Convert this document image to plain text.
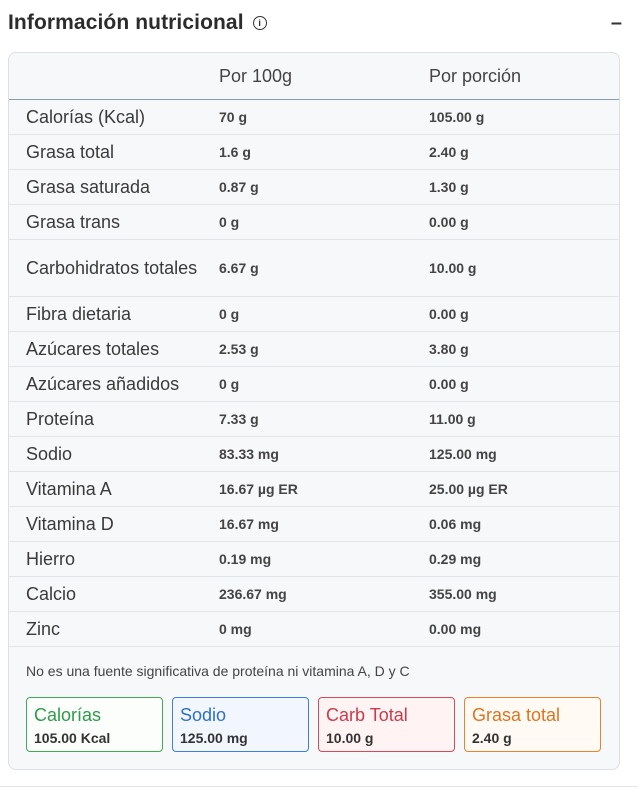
Información nutricional	i	–
	Por 100g	Por porción
Calorías (Kcal)	70 g	105.00 g
Grasa total	1.6 g	2.40 g
Grasa saturada	0.87 g	1.30 g
Grasa trans	0 g	0.00 g
Carbohidratos totales	6.67 g	10.00 g
Fibra dietaria	0 g	0.00 g
Azúcares totales	2.53 g	3.80 g
Azúcares añadidos	0 g	0.00 g
Proteína	7.33 g	11.00 g
Sodio	83.33 mg	125.00 mg
Vitamina A	16.67 µg ER	25.00 µg ER
Vitamina D	16.67 mg	0.06 mg
Hierro	0.19 mg	0.29 mg
Calcio	236.67 mg	355.00 mg
Zinc	0 mg	0.00 mg
No es una fuente significativa de proteína ni vitamina A, D y C
Calorías
105.00 Kcal
Sodio
125.00 mg
Carb Total
10.00 g
Grasa total
2.40 g
